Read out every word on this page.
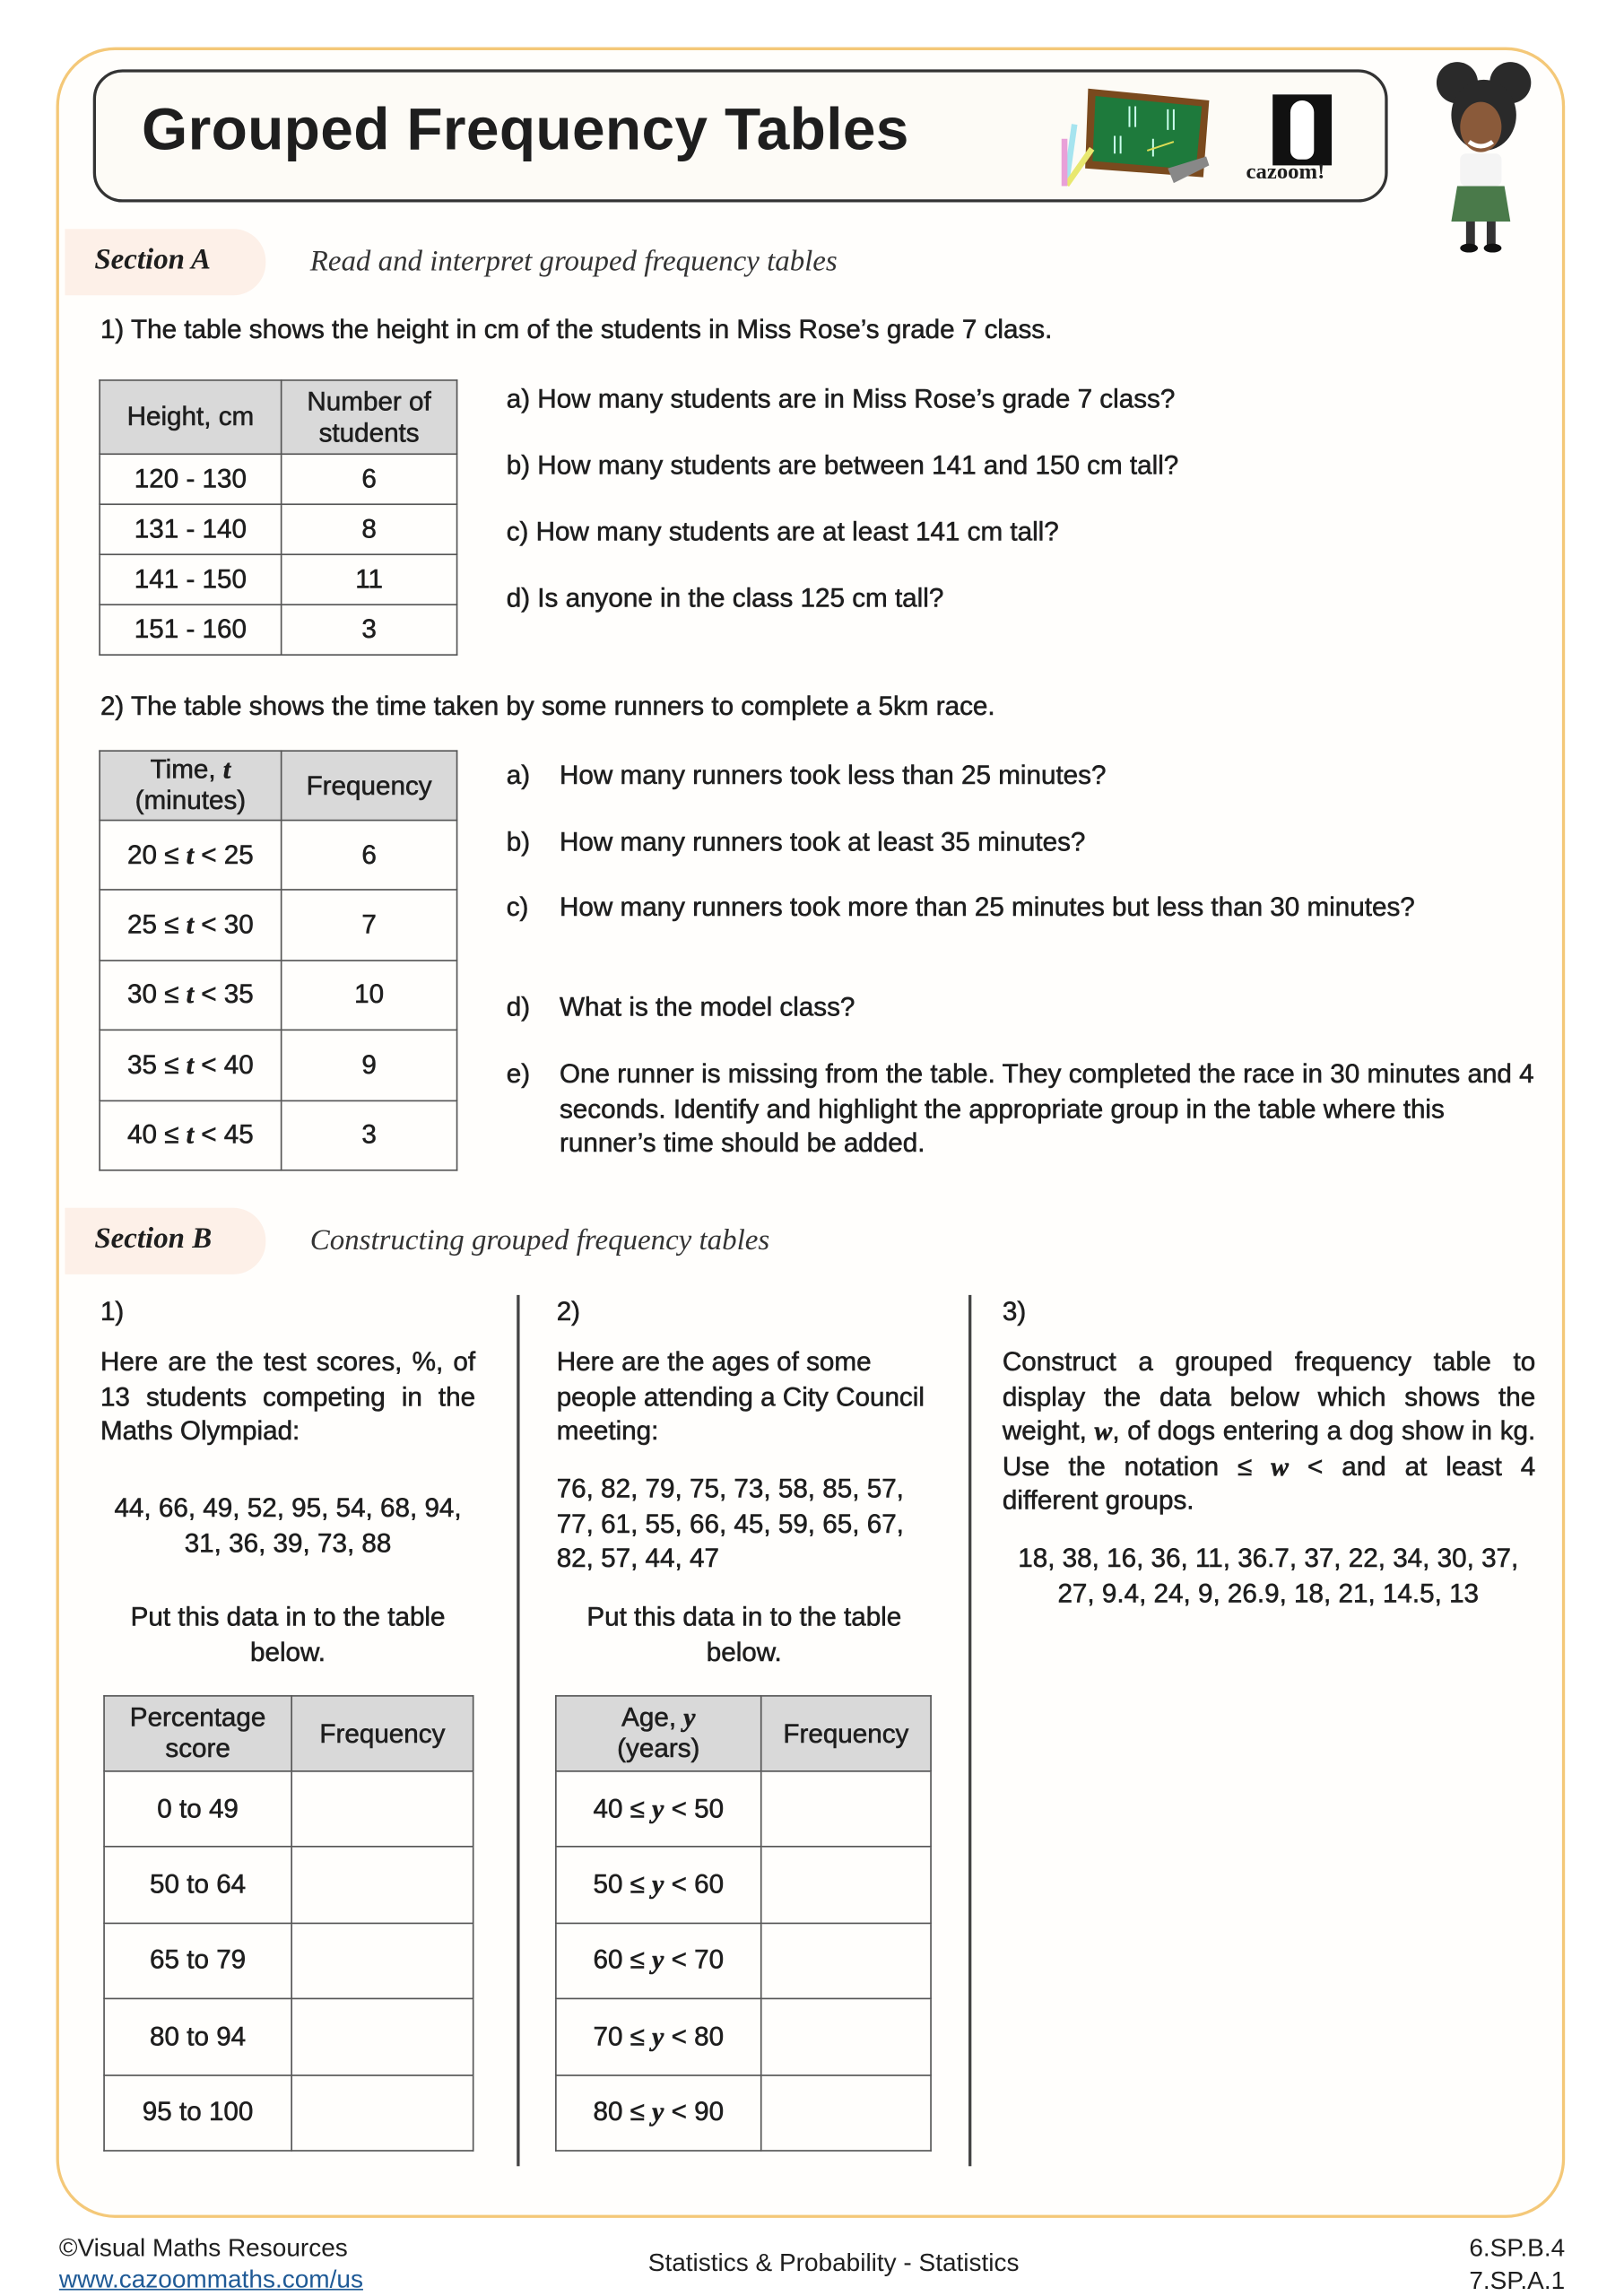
Grouped Frequency Tables
cazoom!
Section A	Read and interpret grouped frequency tables
1) The table shows the height in cm of the students in Miss Rose’s grade 7 class.
Height, cm	Number of students
120 - 130	6
131 - 140	8
141 - 150	11
151 - 160	3
2) The table shows the time taken by some runners to complete a 5km race.
Time, t
(minutes)	Frequency
20 ≤ t < 25	6
25 ≤ t < 30	7
30 ≤ t < 35	10
35 ≤ t < 40	9
40 ≤ t < 45	3
Section B	Constructing grouped frequency tables
1)
Here are the test scores, %, of 13 students competing in the Maths Olympiad:
44, 66, 49, 52, 95, 54, 68, 94, 31, 36, 39, 73, 88
Put this data in to the table below.
Percentage score	Frequency
0 to 49	
50 to 64	
65 to 79	
80 to 94	
95 to 100	
2)
Here are the ages of some people attending a City Council meeting:
76, 82, 79, 75, 73, 58, 85, 57, 77, 61, 55, 66, 45, 59, 65, 67, 82, 57, 44, 47
Put this data in to the table below.
Age, y
(years)	Frequency
40 ≤ y < 50	
50 ≤ y < 60	
60 ≤ y < 70	
70 ≤ y < 80	
80 ≤ y < 90	
3)
Construct a grouped frequency table to display the data below which shows the weight, w, of dogs entering a dog show in kg. Use the notation ≤ w < and at least 4 different groups.
18, 38, 16, 36, 11, 36.7, 37, 22, 34, 30, 37, 27, 9.4, 24, 9, 26.9, 18, 21, 14.5, 13
©Visual Maths Resources
www.cazoommaths.com/us
Statistics & Probability - Statistics
6.SP.B.4
7.SP.A.1
a) How many students are in Miss Rose’s grade 7 class?
b) How many students are between 141 and 150 cm tall?
c) How many students are at least 141 cm tall?
d) Is anyone in the class 125 cm tall?
a) How many runners took less than 25 minutes?
b) How many runners took at least 35 minutes?
c) How many runners took more than 25 minutes but less than 30 minutes?
d) What is the model class?
e) One runner is missing from the table. They completed the race in 30 minutes and 4 seconds. Identify and highlight the appropriate group in the table where this runner’s time should be added.
